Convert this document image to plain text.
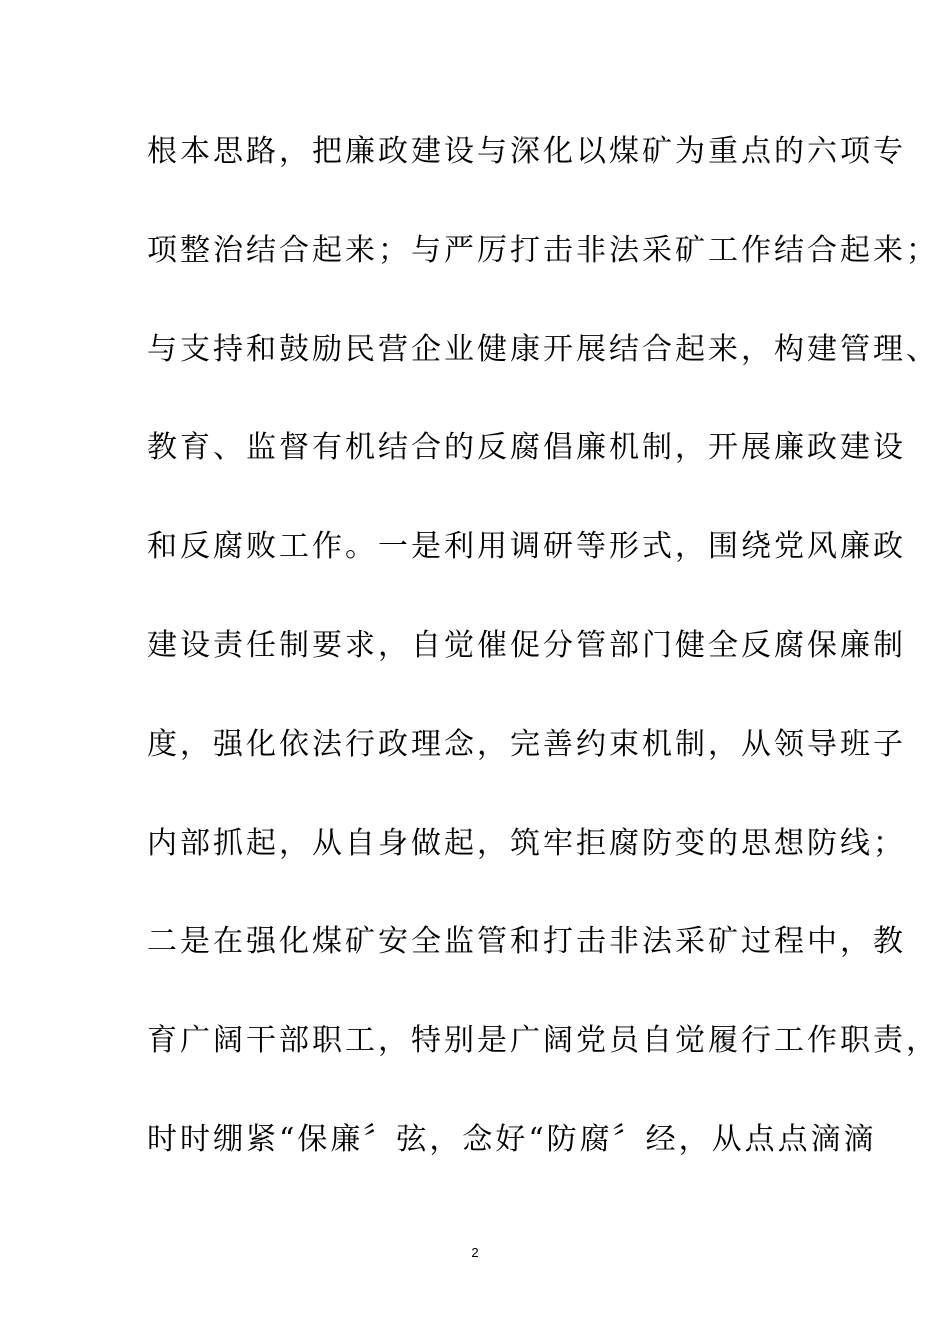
根本思路，把廉政建设与深化以煤矿为重点的六项专
项整治结合起来；与严厉打击非法采矿工作结合起来；
与支持和鼓励民营企业健康开展结合起来，构建管理、
教育、监督有机结合的反腐倡廉机制，开展廉政建设
和反腐败工作。一是利用调研等形式，围绕党风廉政
建设责任制要求，自觉催促分管部门健全反腐保廉制
度，强化依法行政理念，完善约束机制，从领导班子
内部抓起，从自身做起，筑牢拒腐防变的思想防线；
二是在强化煤矿安全监管和打击非法采矿过程中，教
育广阔干部职工，特别是广阔党员自觉履行工作职责，
时时绷紧“保廉〞弦，念好“防腐〞经，从点点滴滴
2
